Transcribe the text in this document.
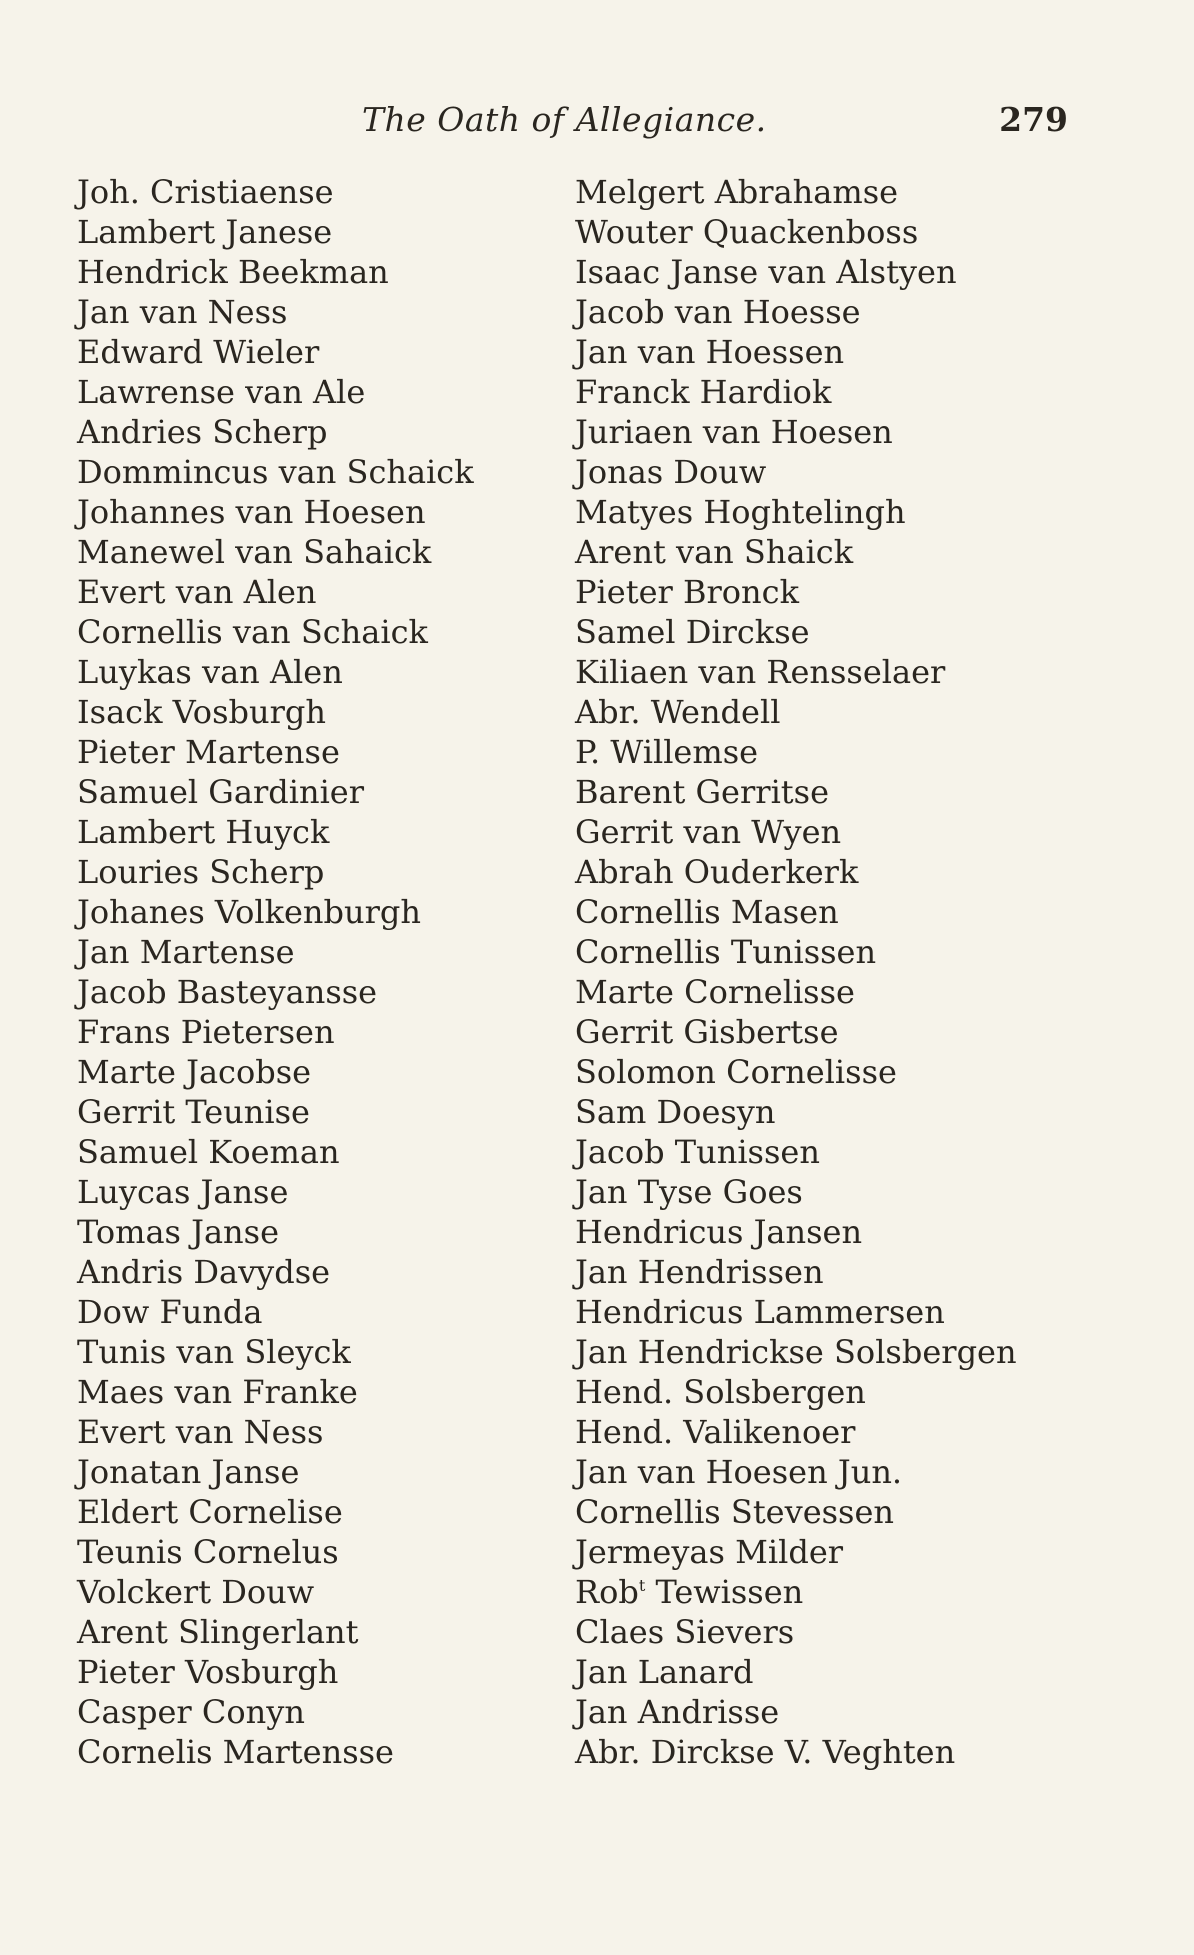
The Oath of Allegiance.	279
Joh. Cristiaense
Lambert Janese
Hendrick Beekman
Jan van Ness
Edward Wieler
Lawrense van Ale
Andries Scherp
Dommincus van Schaick
Johannes van Hoesen
Manewel van Sahaick
Evert van Alen
Cornellis van Schaick
Luykas van Alen
Isack Vosburgh
Pieter Martense
Samuel Gardinier
Lambert Huyck
Louries Scherp
Johanes Volkenburgh
Jan Martense
Jacob Basteyansse
Frans Pietersen
Marte Jacobse
Gerrit Teunise
Samuel Koeman
Luycas Janse
Tomas Janse
Andris Davydse
Dow Funda
Tunis van Sleyck
Maes van Franke
Evert van Ness
Jonatan Janse
Eldert Cornelise
Teunis Cornelus
Volckert Douw
Arent Slingerlant
Pieter Vosburgh
Casper Conyn
Cornelis Martensse
Melgert Abrahamse
Wouter Quackenboss
Isaac Janse van Alstyen
Jacob van Hoesse
Jan van Hoessen
Franck Hardiok
Juriaen van Hoesen
Jonas Douw
Matyes Hoghtelingh
Arent van Shaick
Pieter Bronck
Samel Dirckse
Kiliaen van Rensselaer
Abr. Wendell
P. Willemse
Barent Gerritse
Gerrit van Wyen
Abrah Ouderkerk
Cornellis Masen
Cornellis Tunissen
Marte Cornelisse
Gerrit Gisbertse
Solomon Cornelisse
Sam Doesyn
Jacob Tunissen
Jan Tyse Goes
Hendricus Jansen
Jan Hendrissen
Hendricus Lammersen
Jan Hendrickse Solsbergen
Hend. Solsbergen
Hend. Valikenoer
Jan van Hoesen Jun.
Cornellis Stevessen
Jermeyas Milder
Rob$^t$ Tewissen
Claes Sievers
Jan Lanard
Jan Andrisse
Abr. Dirckse V. Veghten
